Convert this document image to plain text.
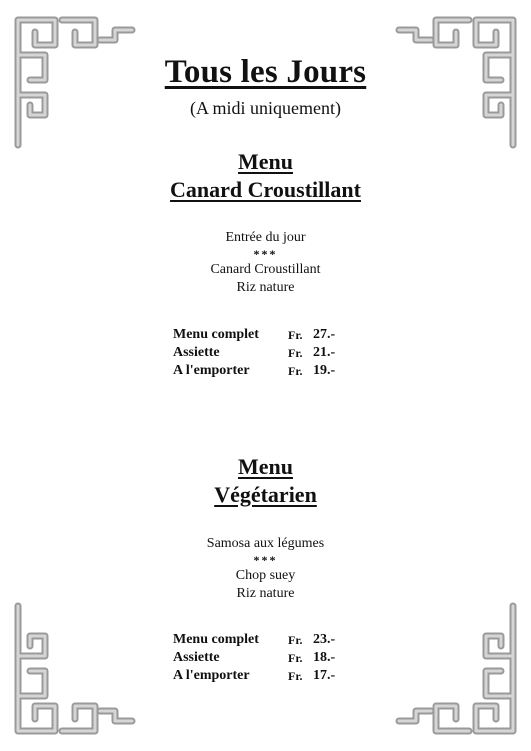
Tous les Jours
(A midi uniquement)
Menu
Canard Croustillant
Entrée du jour
***
Canard Croustillant
Riz nature
Menu complet	Fr. 27.-
Assiette	Fr. 21.-
A l'emporter	Fr. 19.-
Menu
Végétarien
Samosa aux légumes
***
Chop suey
Riz nature
Menu complet	Fr. 23.-
Assiette	Fr. 18.-
A l'emporter	Fr. 17.-
